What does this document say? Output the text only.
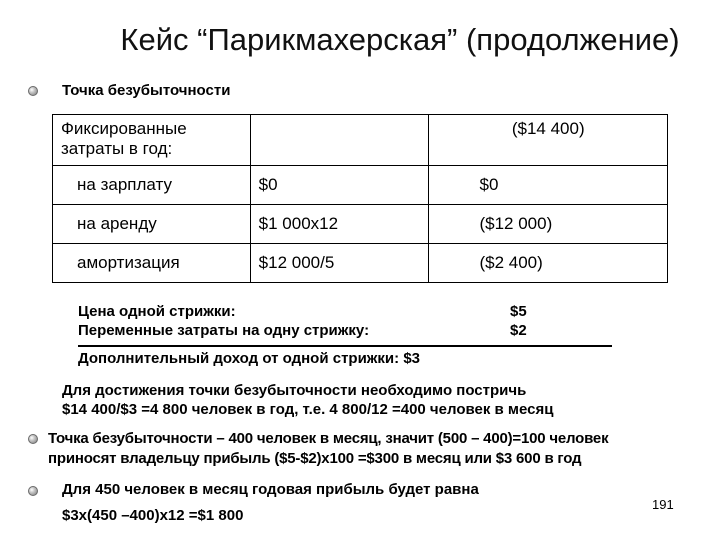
Кейс “Парикмахерская” (продолжение)
Точка безубыточности
Фиксированные
затраты в год:		($14 400)
на зарплату	$0	$0
на аренду	$1 000x12	($12 000)
амортизация	$12 000/5	($2 400)
Цена одной стрижки:	$5
Переменные затраты на одну стрижку:	$2
Дополнительный доход от одной стрижки: $3
Для достижения точки безубыточности необходимо постричь
$14 400/$3 =4 800 человек в год, т.е. 4 800/12 =400 человек в месяц
Точка безубыточности – 400 человек в месяц, значит (500 – 400)=100 человек
приносят владельцу прибыль ($5-$2)x100 =$300 в месяц или $3 600 в год
Для 450 человек в месяц годовая прибыль будет равна
$3x(450 –400)x12 =$1 800
191
